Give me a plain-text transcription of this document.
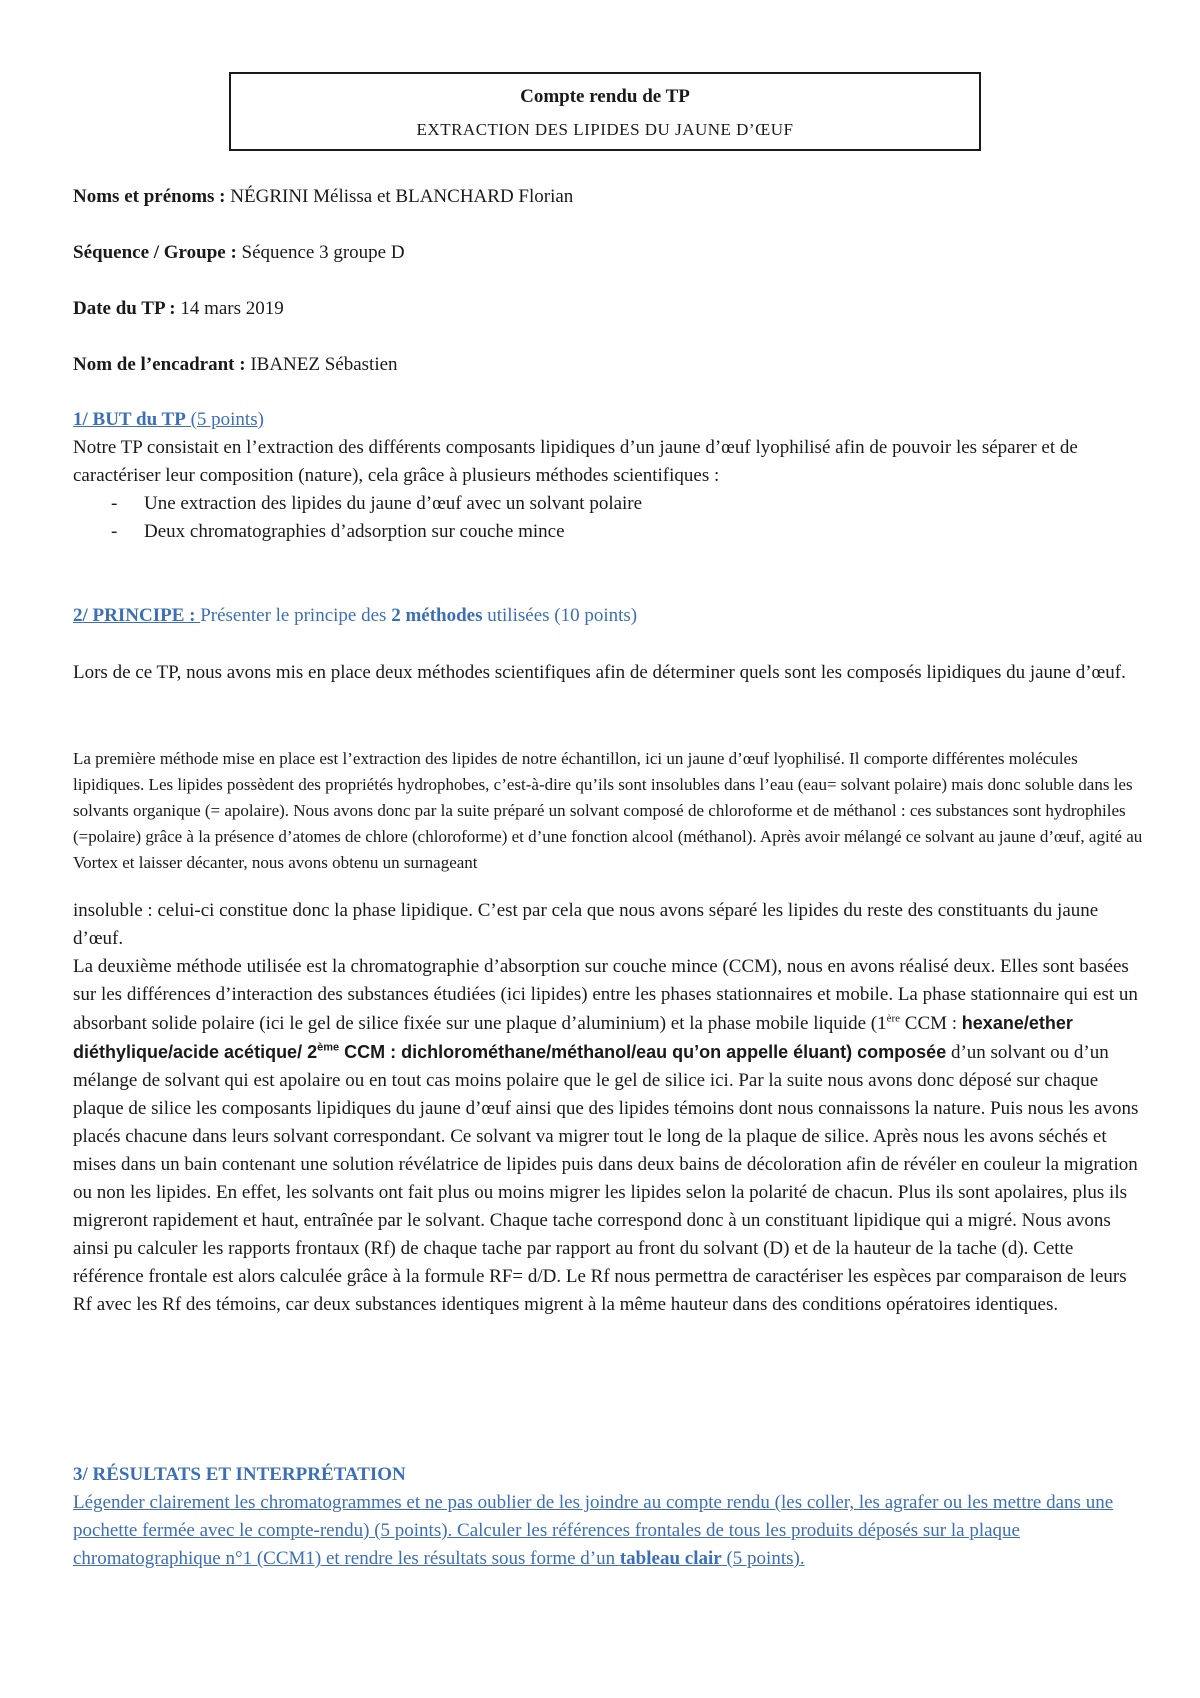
Compte rendu de TP
EXTRACTION DES LIPIDES DU JAUNE D’ŒUF
Noms et prénoms : NÉGRINI Mélissa et BLANCHARD Florian
Séquence / Groupe : Séquence 3 groupe D
Date du TP : 14 mars 2019
Nom de l’encadrant : IBANEZ Sébastien

1/ BUT du TP (5 points)

Notre TP consistait en l’extraction des différents composants lipidiques d’un jaune d’œuf lyophilisé afin de pouvoir les séparer et de caractériser leur composition (nature), cela grâce à plusieurs méthodes scientifiques :

- Une extraction des lipides du jaune d’œuf avec un solvant polaire
- Deux chromatographies d’adsorption sur couche mince

2/ PRINCIPE : Présenter le principe des 2 méthodes utilisées (10 points)

Lors de ce TP, nous avons mis en place deux méthodes scientifiques afin de déterminer quels sont les composés lipidiques du jaune d’œuf.

La première méthode mise en place est l’extraction des lipides de notre échantillon, ici un jaune d’œuf lyophilisé. Il comporte différentes molécules lipidiques. Les lipides possèdent des propriétés hydrophobes, c’est-à-dire qu’ils sont insolubles dans l’eau (eau= solvant polaire) mais donc soluble dans les solvants organique (= apolaire). Nous avons donc par la suite préparé un solvant composé de chloroforme et de méthanol : ces substances sont hydrophiles (=polaire) grâce à la présence d’atomes de chlore (chloroforme) et d’une fonction alcool (méthanol). Après avoir mélangé ce solvant au jaune d’œuf, agité au Vortex et laisser décanter, nous avons obtenu un surnageant

insoluble : celui-ci constitue donc la phase lipidique. C’est par cela que nous avons séparé les lipides du reste des constituants du jaune d’œuf.

La deuxième méthode utilisée est la chromatographie d’absorption sur couche mince (CCM), nous en avons réalisé deux. Elles sont basées sur les différences d’interaction des substances étudiées (ici lipides) entre les phases stationnaires et mobile. La phase stationnaire qui est un absorbant solide polaire (ici le gel de silice fixée sur une plaque d’aluminium) et la phase mobile liquide (1ère CCM : hexane/ether diéthylique/acide acétique/ 2ème CCM : dichlorométhane/méthanol/eau qu’on appelle éluant) composée d’un solvant ou d’un mélange de solvant qui est apolaire ou en tout cas moins polaire que le gel de silice ici. Par la suite nous avons donc déposé sur chaque plaque de silice les composants lipidiques du jaune d’œuf ainsi que des lipides témoins dont nous connaissons la nature. Puis nous les avons placés chacune dans leurs solvant correspondant. Ce solvant va migrer tout le long de la plaque de silice. Après nous les avons séchés et mises dans un bain contenant une solution révélatrice de lipides puis dans deux bains de décoloration afin de révéler en couleur la migration ou non les lipides. En effet, les solvants ont fait plus ou moins migrer les lipides selon la polarité de chacun. Plus ils sont apolaires, plus ils migreront rapidement et haut, entraînée par le solvant. Chaque tache correspond donc à un constituant lipidique qui a migré. Nous avons ainsi pu calculer les rapports frontaux (Rf) de chaque tache par rapport au front du solvant (D) et de la hauteur de la tache (d). Cette référence frontale est alors calculée grâce à la formule RF= d/D. Le Rf nous permettra de caractériser les espèces par comparaison de leurs Rf avec les Rf des témoins, car deux substances identiques migrent à la même hauteur dans des conditions opératoires identiques.

3/ RÉSULTATS ET INTERPRÉTATION

Légender clairement les chromatogrammes et ne pas oublier de les joindre au compte rendu (les coller, les agrafer ou les mettre dans une pochette fermée avec le compte-rendu) (5 points). Calculer les références frontales de tous les produits déposés sur la plaque chromatographique n°1 (CCM1) et rendre les résultats sous forme d’un tableau clair (5 points).
